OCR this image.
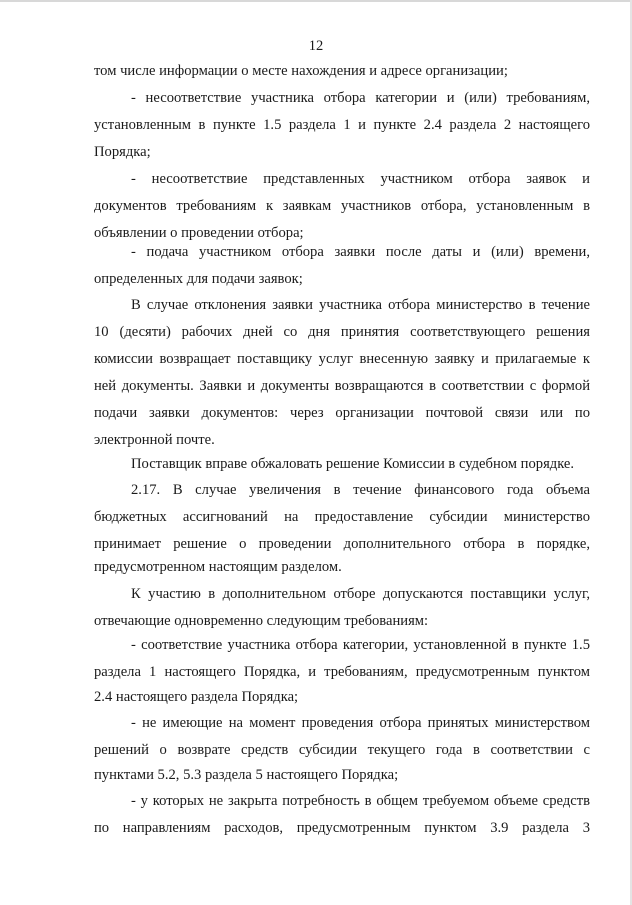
12
том числе информации о месте нахождения и адресе организации;
- несоответствие участника отбора категории и (или) требованиям,
установленным в пункте 1.5 раздела 1 и пункте 2.4 раздела 2 настоящего
Порядка;
- несоответствие представленных участником отбора заявок и
документов требованиям к заявкам участников отбора, установленным в
объявлении о проведении отбора;
- подача участником отбора заявки после даты и (или) времени,
определенных для подачи заявок;
В случае отклонения заявки участника отбора министерство в течение
10 (десяти) рабочих дней со дня принятия соответствующего решения
комиссии возвращает поставщику услуг внесенную заявку и прилагаемые к
ней документы. Заявки и документы возвращаются в соответствии с формой
подачи заявки документов: через организации почтовой связи или по
электронной почте.
Поставщик вправе обжаловать решение Комиссии в судебном порядке.
2.17. В случае увеличения в течение финансового года объема
бюджетных ассигнований на предоставление субсидии министерство
принимает решение о проведении дополнительного отбора в порядке,
предусмотренном настоящим разделом.
К участию в дополнительном отборе допускаются поставщики услуг,
отвечающие одновременно следующим требованиям:
- соответствие участника отбора категории, установленной в пункте 1.5
раздела 1 настоящего Порядка, и требованиям, предусмотренным пунктом
2.4 настоящего раздела Порядка;
- не имеющие на момент проведения отбора принятых министерством
решений о возврате средств субсидии текущего года в соответствии с
пунктами 5.2, 5.3 раздела 5 настоящего Порядка;
- у которых не закрыта потребность в общем требуемом объеме средств
по направлениям расходов, предусмотренным пунктом 3.9 раздела 3
